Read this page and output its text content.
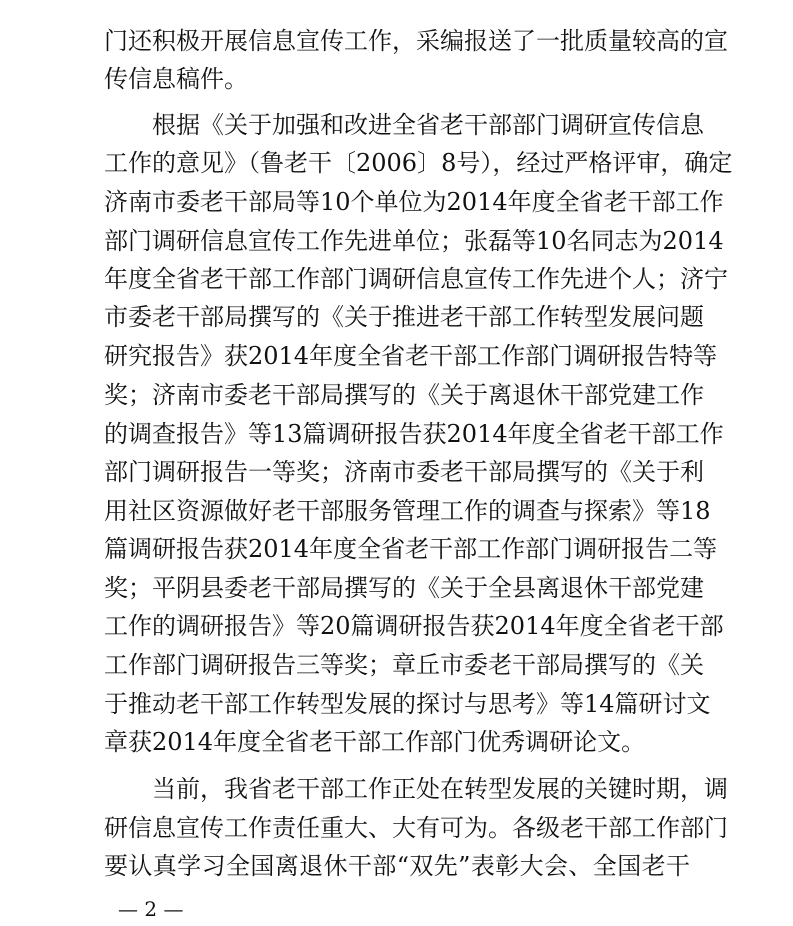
门还积极开展信息宣传工作，采编报送了一批质量较高的宣
传信息稿件。
根据《关于加强和改进全省老干部部门调研宣传信息
工作的意见》（鲁老干〔2006〕8号），经过严格评审，确定
济南市委老干部局等10个单位为2014年度全省老干部工作
部门调研信息宣传工作先进单位；张磊等10名同志为2014
年度全省老干部工作部门调研信息宣传工作先进个人；济宁
市委老干部局撰写的《关于推进老干部工作转型发展问题
研究报告》获2014年度全省老干部工作部门调研报告特等
奖；济南市委老干部局撰写的《关于离退休干部党建工作
的调查报告》等13篇调研报告获2014年度全省老干部工作
部门调研报告一等奖；济南市委老干部局撰写的《关于利
用社区资源做好老干部服务管理工作的调查与探索》等18
篇调研报告获2014年度全省老干部工作部门调研报告二等
奖；平阴县委老干部局撰写的《关于全县离退休干部党建
工作的调研报告》等20篇调研报告获2014年度全省老干部
工作部门调研报告三等奖；章丘市委老干部局撰写的《关
于推动老干部工作转型发展的探讨与思考》等14篇研讨文
章获2014年度全省老干部工作部门优秀调研论文。
当前，我省老干部工作正处在转型发展的关键时期，调
研信息宣传工作责任重大、大有可为。各级老干部工作部门
要认真学习全国离退休干部“双先”表彰大会、全国老干
— 2 —
